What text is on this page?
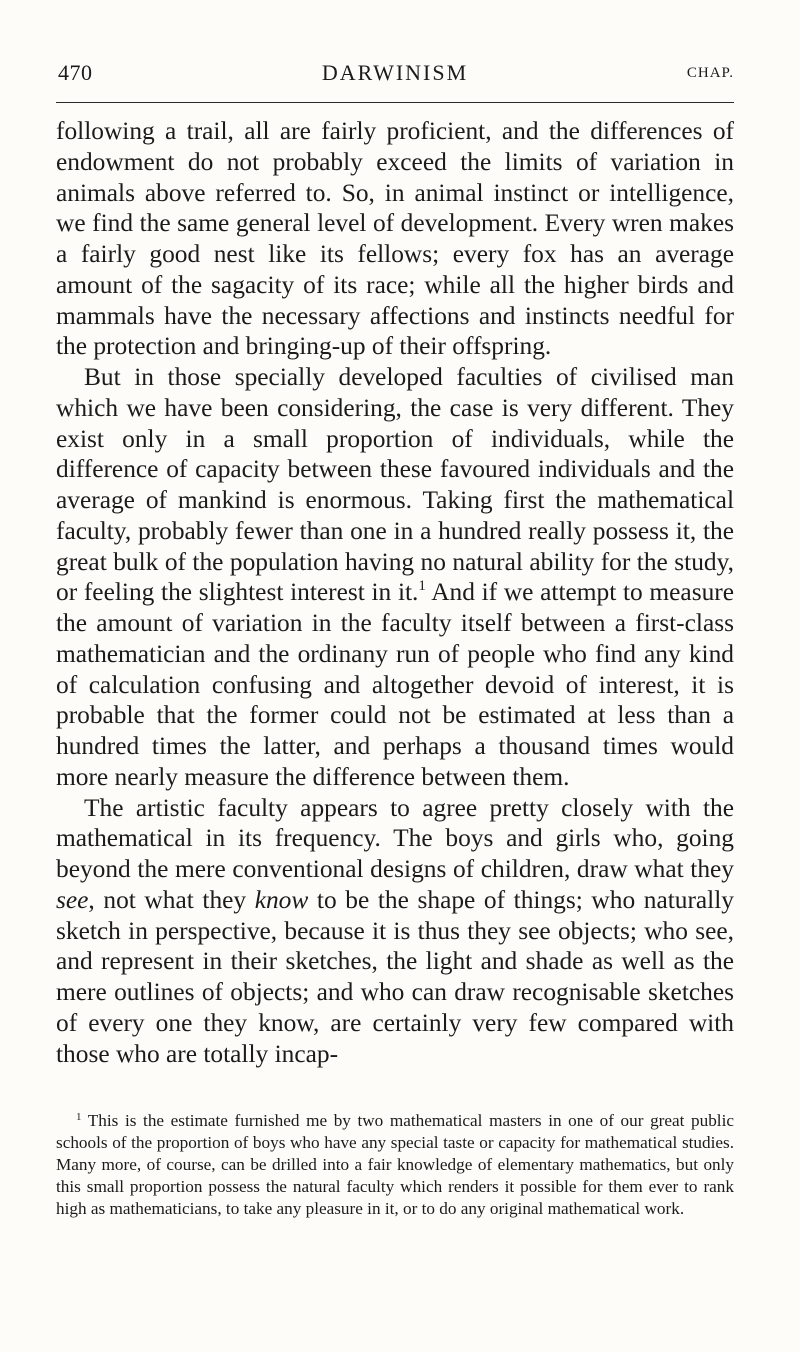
470	DARWINISM	CHAP.

following a trail, all are fairly proficient, and the differences of endowment do not probably exceed the limits of variation in animals above referred to. So, in animal instinct or intelligence, we find the same general level of development. Every wren makes a fairly good nest like its fellows; every fox has an average amount of the sagacity of its race; while all the higher birds and mammals have the necessary affections and instincts needful for the protection and bringing-up of their offspring.

But in those specially developed faculties of civilised man which we have been considering, the case is very different. They exist only in a small proportion of individuals, while the difference of capacity between these favoured individuals and the average of mankind is enormous. Taking first the mathematical faculty, probably fewer than one in a hundred really possess it, the great bulk of the population having no natural ability for the study, or feeling the slightest interest in it.$^1$ And if we attempt to measure the amount of variation in the faculty itself between a first-class mathematician and the ordinany run of people who find any kind of calculation confusing and altogether devoid of interest, it is probable that the former could not be estimated at less than a hundred times the latter, and perhaps a thousand times would more nearly measure the difference between them.

The artistic faculty appears to agree pretty closely with the mathematical in its frequency. The boys and girls who, going beyond the mere conventional designs of children, draw what they see, not what they know to be the shape of things; who naturally sketch in perspective, because it is thus they see objects; who see, and represent in their sketches, the light and shade as well as the mere outlines of objects; and who can draw recognisable sketches of every one they know, are certainly very few compared with those who are totally incap-

$^1$ This is the estimate furnished me by two mathematical masters in one of our great public schools of the proportion of boys who have any special taste or capacity for mathematical studies. Many more, of course, can be drilled into a fair knowledge of elementary mathematics, but only this small proportion possess the natural faculty which renders it possible for them ever to rank high as mathematicians, to take any pleasure in it, or to do any original mathematical work.
